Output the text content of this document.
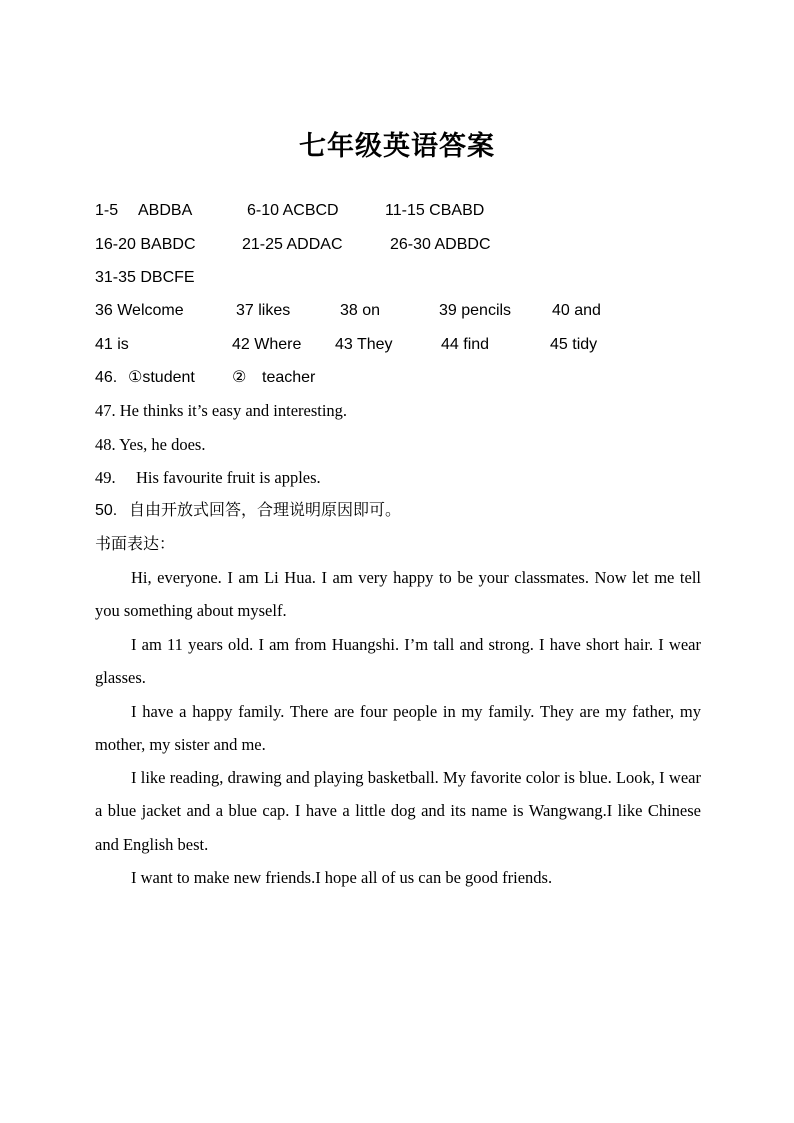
七年级英语答案
1-5 ABDBA	6-10 ACBCD	11-15 CBABD
16-20 BABDC	21-25 ADDAC	26-30 ADBDC
31-35 DBCFE
36 Welcome	37 likes	38 on	39 pencils	40 and
41 is	42 Where 43 They	44 find	45 tidy
46. ①student ② teacher
47. He thinks it’s easy and interesting.
48. Yes, he does.
49. His favourite fruit is apples.
50. 自由开放式回答，合理说明原因即可。
书面表达：

Hi, everyone. I am Li Hua. I am very happy to be your classmates. Now let me tell you something about myself.

I am 11 years old. I am from Huangshi. I’m tall and strong. I have short hair. I wear glasses.

I have a happy family. There are four people in my family. They are my father, my mother, my sister and me.

I like reading, drawing and playing basketball. My favorite color is blue. Look, I wear a blue jacket and a blue cap. I have a little dog and its name is Wangwang.I like Chinese and English best.

I want to make new friends.I hope all of us can be good friends.
